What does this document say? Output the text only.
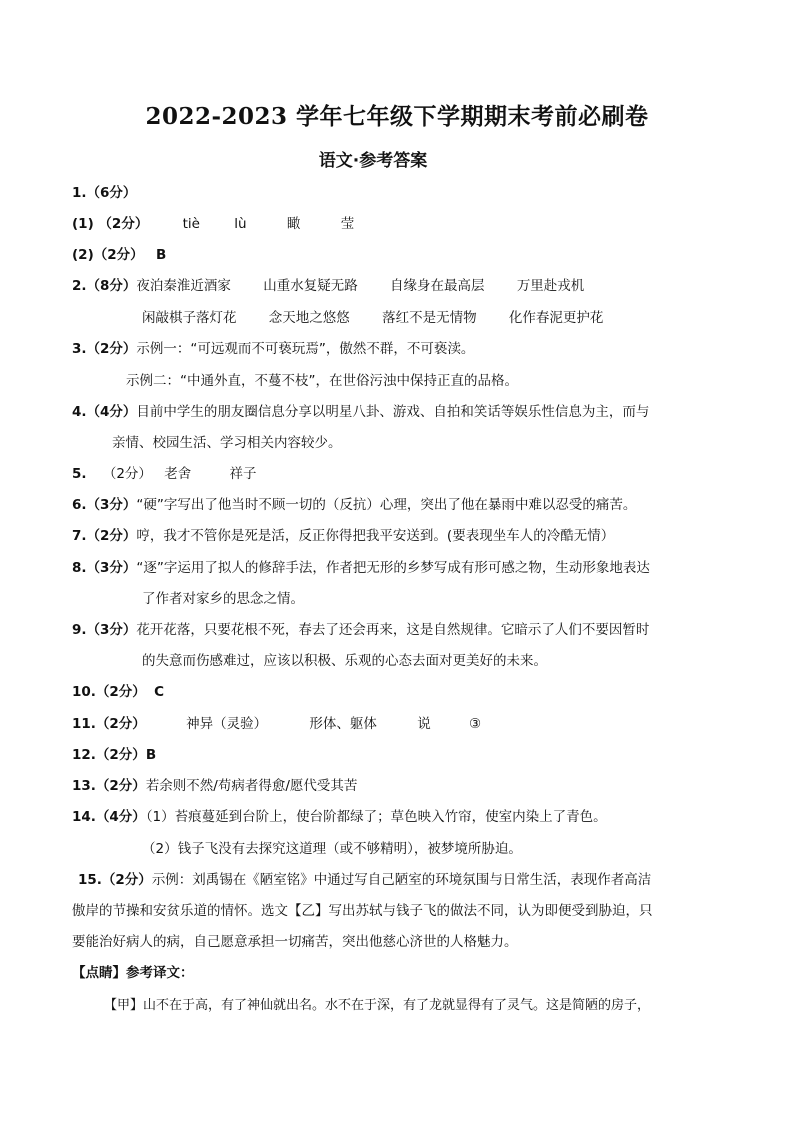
2022-2023 学年七年级下学期期末考前必刷卷
语文·参考答案
1.（6分）
(1) （2分）	tiè	lù	瞰	莹
(2)（2分） B
2.（8分）夜泊秦淮近酒家 山重水复疑无路 自缘身在最高层 万里赴戎机
闲敲棋子落灯花 念天地之悠悠 落红不是无情物 化作春泥更护花
3.（2分）示例一：“可远观而不可亵玩焉”，傲然不群，不可亵渎。
示例二：“中通外直，不蔓不枝”，在世俗污浊中保持正直的品格。
4.（4分）目前中学生的朋友圈信息分享以明星八卦、游戏、自拍和笑话等娱乐性信息为主，而与
亲情、校园生活、学习相关内容较少。
5. （2分） 老舍	祥子
6.（3分）“硬”字写出了他当时不顾一切的（反抗）心理，突出了他在暴雨中难以忍受的痛苦。
7.（2分）哼，我才不管你是死是活，反正你得把我平安送到。(要表现坐车人的冷酷无情）
8.（3分）“逐”字运用了拟人的修辞手法，作者把无形的乡梦写成有形可感之物，生动形象地表达
了作者对家乡的思念之情。
9.（3分）花开花落，只要花根不死，春去了还会再来，这是自然规律。它暗示了人们不要因暂时
的失意而伤感难过，应该以积极、乐观的心态去面对更美好的未来。
10.（2分） C
11.（2分）	神异（灵验）	形体、躯体	说	③
12.（2分）B
13.（2分）若余则不然/苟病者得愈/愿代受其苦
14.（4分）（1）苔痕蔓延到台阶上，使台阶都绿了；草色映入竹帘，使室内染上了青色。
（2）钱子飞没有去探究这道理（或不够精明），被梦境所胁迫。
15.（2分）示例：刘禹锡在《陋室铭》中通过写自己陋室的环境氛围与日常生活，表现作者高洁
傲岸的节操和安贫乐道的情怀。选文【乙】写出苏轼与钱子飞的做法不同，认为即便受到胁迫，只
要能治好病人的病，自己愿意承担一切痛苦，突出他慈心济世的人格魅力。
【点睛】参考译文：
【甲】山不在于高，有了神仙就出名。水不在于深，有了龙就显得有了灵气。这是简陋的房子，
